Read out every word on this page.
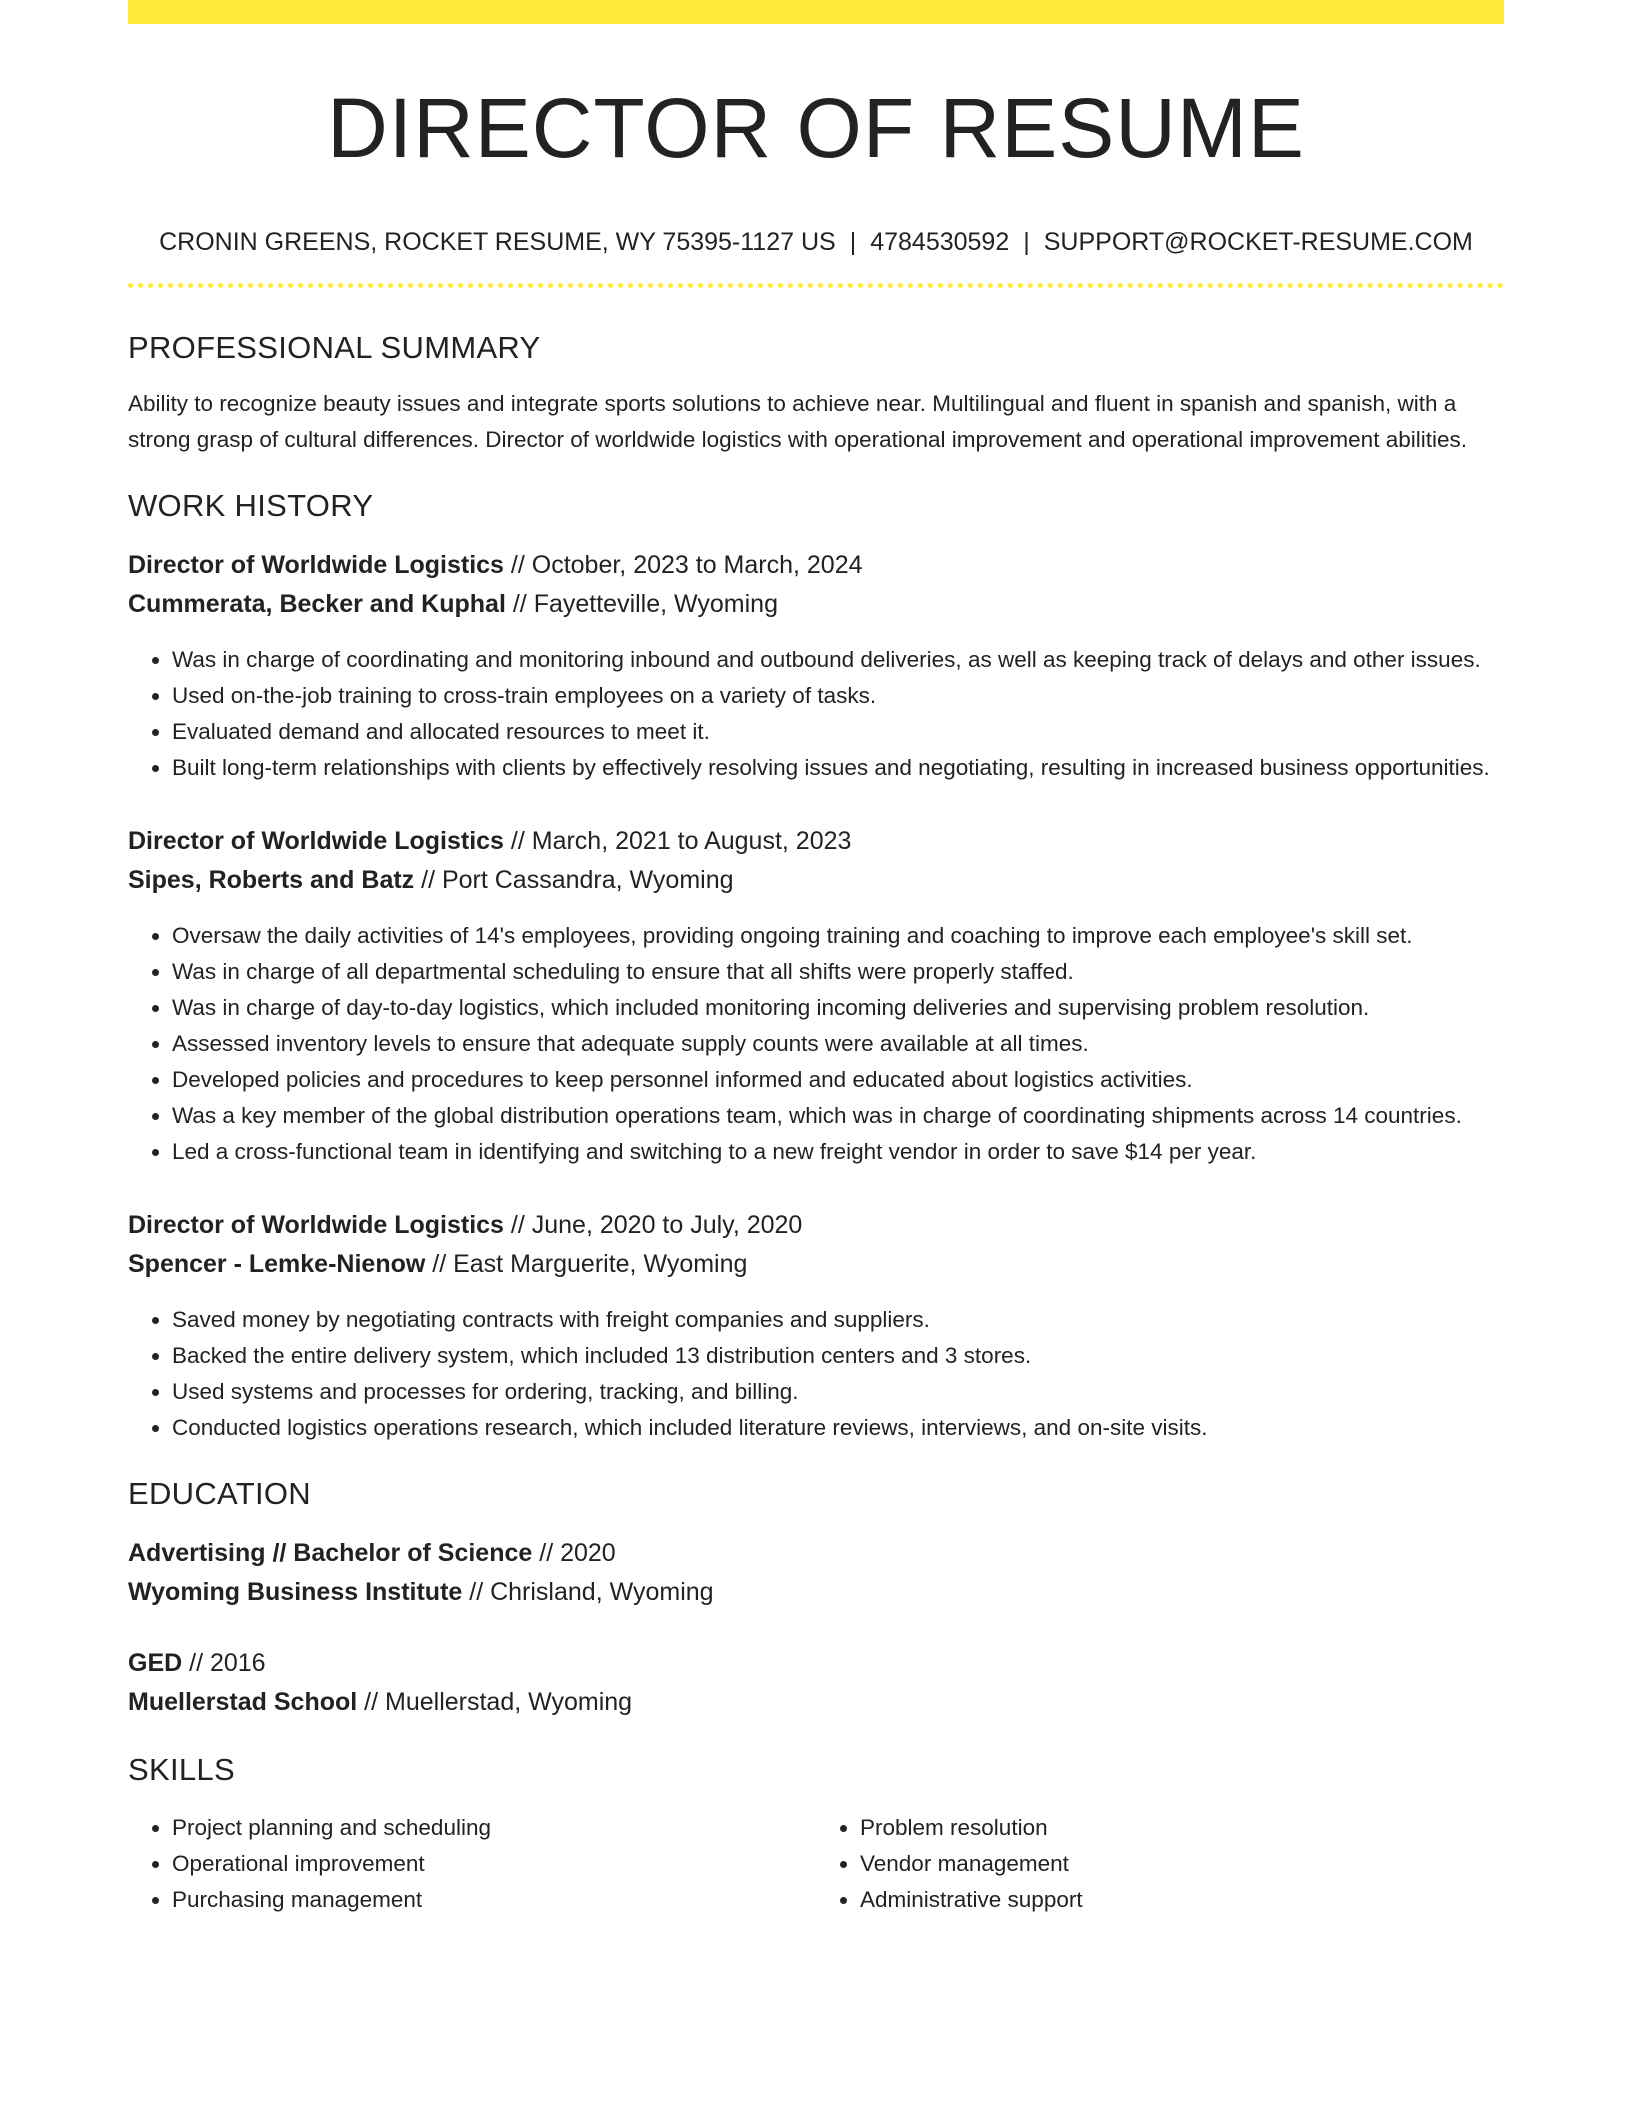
DIRECTOR OF RESUME
CRONIN GREENS, ROCKET RESUME, WY 75395-1127 US | 4784530592 | SUPPORT@ROCKET-RESUME.COM
PROFESSIONAL SUMMARY

Ability to recognize beauty issues and integrate sports solutions to achieve near. Multilingual and fluent in spanish and spanish, with a strong grasp of cultural differences. Director of worldwide logistics with operational improvement and operational improvement abilities.

WORK HISTORY
Director of Worldwide Logistics // October, 2023 to March, 2024
Cummerata, Becker and Kuphal // Fayetteville, Wyoming
• Was in charge of coordinating and monitoring inbound and outbound deliveries, as well as keeping track of delays and other issues.
• Used on-the-job training to cross-train employees on a variety of tasks.
• Evaluated demand and allocated resources to meet it.
• Built long-term relationships with clients by effectively resolving issues and negotiating, resulting in increased business opportunities.
Director of Worldwide Logistics // March, 2021 to August, 2023
Sipes, Roberts and Batz // Port Cassandra, Wyoming
• Oversaw the daily activities of 14's employees, providing ongoing training and coaching to improve each employee's skill set.
• Was in charge of all departmental scheduling to ensure that all shifts were properly staffed.
• Was in charge of day-to-day logistics, which included monitoring incoming deliveries and supervising problem resolution.
• Assessed inventory levels to ensure that adequate supply counts were available at all times.
• Developed policies and procedures to keep personnel informed and educated about logistics activities.
• Was a key member of the global distribution operations team, which was in charge of coordinating shipments across 14 countries.
• Led a cross-functional team in identifying and switching to a new freight vendor in order to save $14 per year.
Director of Worldwide Logistics // June, 2020 to July, 2020
Spencer - Lemke-Nienow // East Marguerite, Wyoming
• Saved money by negotiating contracts with freight companies and suppliers.
• Backed the entire delivery system, which included 13 distribution centers and 3 stores.
• Used systems and processes for ordering, tracking, and billing.
• Conducted logistics operations research, which included literature reviews, interviews, and on-site visits.
EDUCATION
Advertising // Bachelor of Science // 2020
Wyoming Business Institute // Chrisland, Wyoming
GED // 2016
Muellerstad School // Muellerstad, Wyoming
SKILLS
• Project planning and scheduling
• Operational improvement
• Purchasing management
• Problem resolution
• Vendor management
• Administrative support
